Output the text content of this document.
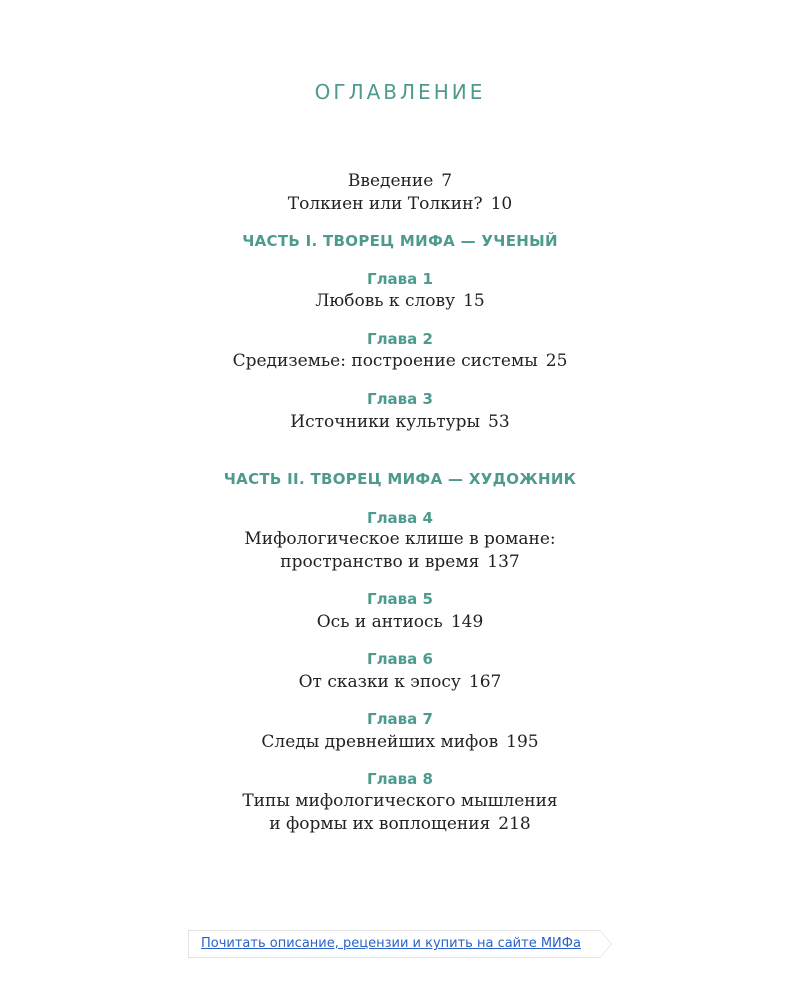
ОГЛАВЛЕНИЕ
Введение 7
Толкиен или Толкин? 10
ЧАСТЬ I. ТВОРЕЦ МИФА — УЧЕНЫЙ
Глава 1
Любовь к слову 15
Глава 2
Средиземье: построение системы 25
Глава 3
Источники культуры 53
ЧАСТЬ II. ТВОРЕЦ МИФА — ХУДОЖНИК
Глава 4
Мифологическое клише в романе:
пространство и время 137
Глава 5
Ось и антиось 149
Глава 6
От сказки к эпосу 167
Глава 7
Следы древнейших мифов 195
Глава 8
Типы мифологического мышления
и формы их воплощения 218
Почитать описание, рецензии и купить на сайте МИФа
